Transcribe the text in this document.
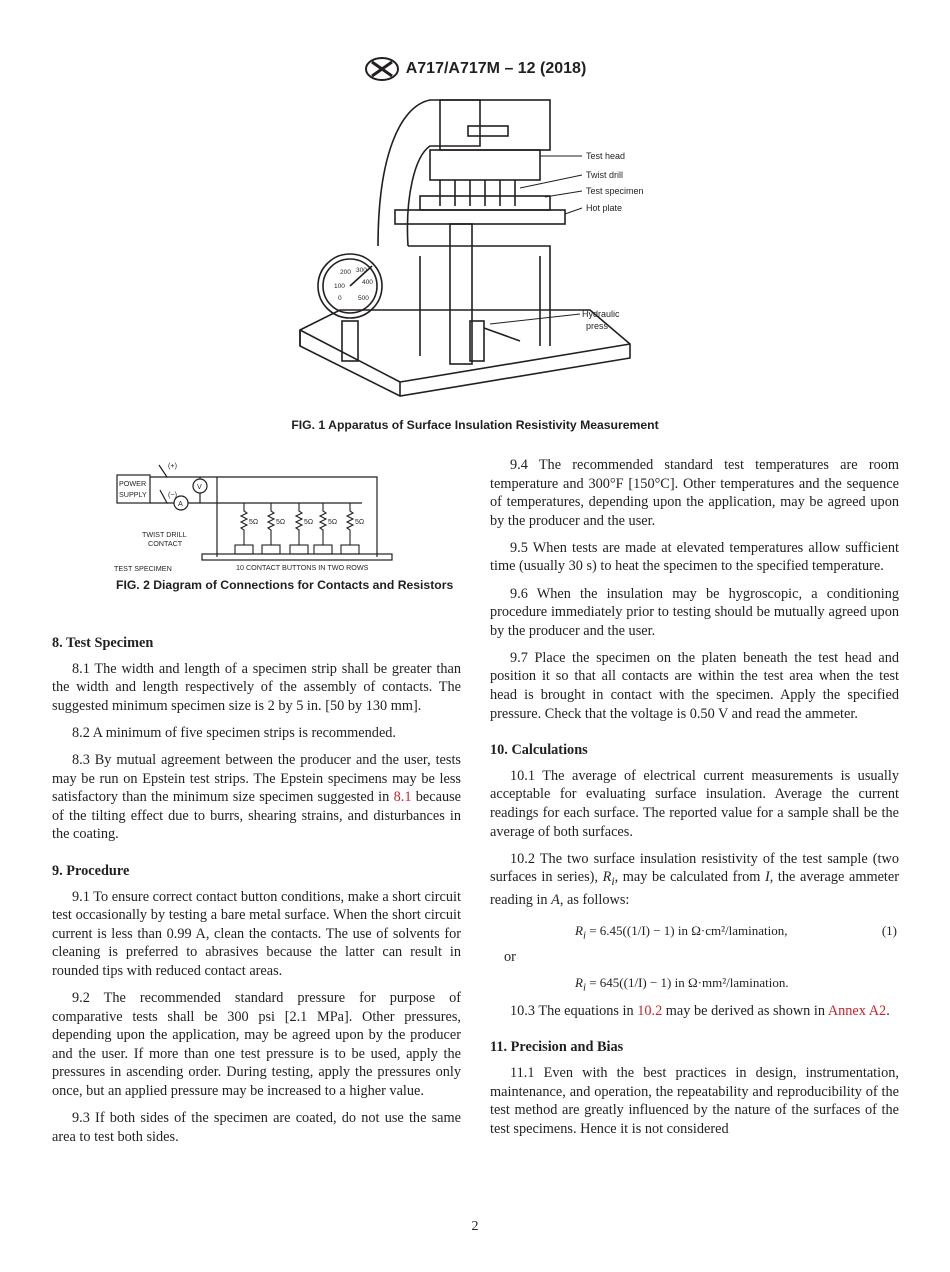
A717/A717M – 12 (2018)
100
200 300
400
500
0
Test head
Twist drill
Test specimen
Hot plate
Hydraulic
press
FIG. 1 Apparatus of Surface Insulation Resistivity Measurement
POWER
SUPPLY
(+)
(−)
V
A
TWIST DRILL
CONTACT
TEST SPECIMEN	10 CONTACT BUTTONS IN TWO ROWS
5Ω	5Ω	5Ω 5Ω	5Ω
FIG. 2 Diagram of Connections for Contacts and Resistors
8. Test Specimen

8.1 The width and length of a specimen strip shall be greater than the width and length respectively of the assembly of contacts. The suggested minimum specimen size is 2 by 5 in. [50 by 130 mm].

8.2 A minimum of five specimen strips is recommended.

8.3 By mutual agreement between the producer and the user, tests may be run on Epstein test strips. The Epstein specimens may be less satisfactory than the minimum size specimen suggested in 8.1 because of the tilting effect due to burrs, shearing strains, and disturbances in the coating.

9. Procedure

9.1 To ensure correct contact button conditions, make a short circuit test occasionally by testing a bare metal surface. When the short circuit current is less than 0.99 A, clean the contacts. The use of solvents for cleaning is preferred to abrasives because the latter can result in rounded tips with reduced contact areas.

9.2 The recommended standard pressure for purpose of comparative tests shall be 300 psi [2.1 MPa]. Other pressures, depending upon the application, may be agreed upon by the producer and the user. If more than one test pressure is to be used, apply the pressures in ascending order. During testing, apply the pressures only once, but an applied pressure may be increased to a higher value.

9.3 If both sides of the specimen are coated, do not use the same area to test both sides.

9.4 The recommended standard test temperatures are room temperature and 300°F [150°C]. Other temperatures and the sequence of temperatures, depending upon the application, may be agreed upon by the producer and the user.

9.5 When tests are made at elevated temperatures allow sufficient time (usually 30 s) to heat the specimen to the specified temperature.

9.6 When the insulation may be hygroscopic, a conditioning procedure immediately prior to testing should be mutually agreed upon by the producer and the user.

9.7 Place the specimen on the platen beneath the test head and position it so that all contacts are within the test area when the test head is brought in contact with the specimen. Apply the specified pressure. Check that the voltage is 0.50 V and read the ammeter.

10. Calculations

10.1 The average of electrical current measurements is usually acceptable for evaluating surface insulation. Average the current readings for each surface. The reported value for a sample shall be the average of both surfaces.

10.2 The two surface insulation resistivity of the test sample (two surfaces in series), $R_i$, may be calculated from I, the average ammeter reading in A, as follows:

$R_i = 6.45((1/I) - 1)$ in Ω·cm²/lamination,	(1)
or
$R_i = 645((1/I) - 1)$ in Ω·mm²/lamination.

10.3 The equations in 10.2 may be derived as shown in Annex A2.

11. Precision and Bias

11.1 Even with the best practices in design, instrumentation, maintenance, and operation, the repeatability and reproducibility of the test method are greatly influenced by the nature of the surfaces of the test specimens. Hence it is not considered

2
